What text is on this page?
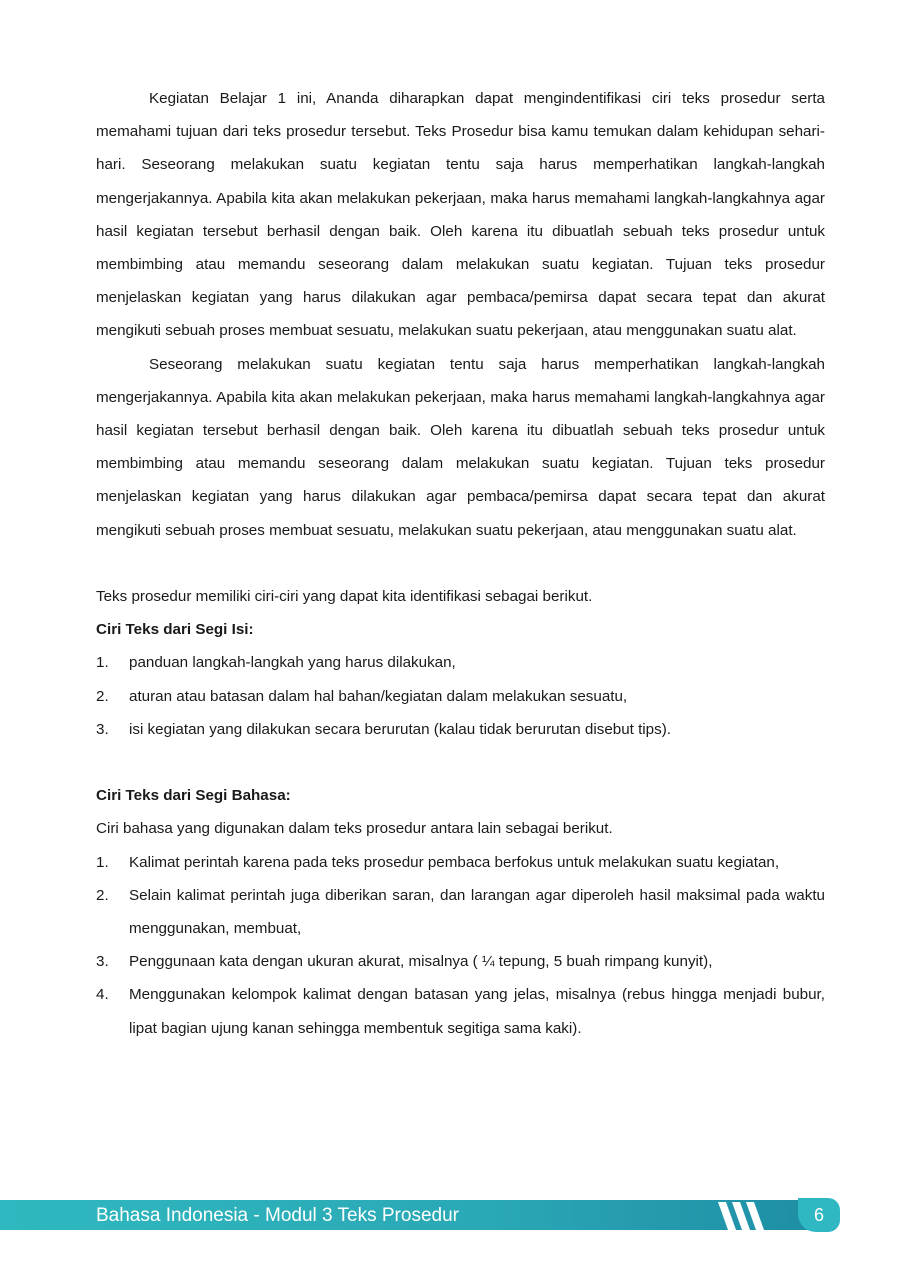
Kegiatan Belajar 1 ini, Ananda diharapkan dapat mengindentifikasi ciri teks prosedur serta memahami tujuan dari teks prosedur tersebut. Teks Prosedur bisa kamu temukan dalam kehidupan sehari-hari. Seseorang melakukan suatu kegiatan tentu saja harus memperhatikan langkah-langkah mengerjakannya. Apabila kita akan melakukan pekerjaan, maka harus memahami langkah-langkahnya agar hasil kegiatan tersebut berhasil dengan baik. Oleh karena itu dibuatlah sebuah teks prosedur untuk membimbing atau memandu seseorang dalam melakukan suatu kegiatan. Tujuan teks prosedur menjelaskan kegiatan yang harus dilakukan agar pembaca/pemirsa dapat secara tepat dan akurat mengikuti sebuah proses membuat sesuatu, melakukan suatu pekerjaan, atau menggunakan suatu alat.

Seseorang melakukan suatu kegiatan tentu saja harus memperhatikan langkah-langkah mengerjakannya. Apabila kita akan melakukan pekerjaan, maka harus memahami langkah-langkahnya agar hasil kegiatan tersebut berhasil dengan baik. Oleh karena itu dibuatlah sebuah teks prosedur untuk membimbing atau memandu seseorang dalam melakukan suatu kegiatan. Tujuan teks prosedur menjelaskan kegiatan yang harus dilakukan agar pembaca/pemirsa dapat secara tepat dan akurat mengikuti sebuah proses membuat sesuatu, melakukan suatu pekerjaan, atau menggunakan suatu alat.

Teks prosedur memiliki ciri-ciri yang dapat kita identifikasi sebagai berikut.

Ciri Teks dari Segi Isi:

1. panduan langkah-langkah yang harus dilakukan,
2. aturan atau batasan dalam hal bahan/kegiatan dalam melakukan sesuatu,
3. isi kegiatan yang dilakukan secara berurutan (kalau tidak berurutan disebut tips).

Ciri Teks dari Segi Bahasa:

Ciri bahasa yang digunakan dalam teks prosedur antara lain sebagai berikut.

1. Kalimat perintah karena pada teks prosedur pembaca berfokus untuk melakukan suatu kegiatan,
2. Selain kalimat perintah juga diberikan saran, dan larangan agar diperoleh hasil maksimal pada waktu menggunakan, membuat,
3. Penggunaan kata dengan ukuran akurat, misalnya ( ¼ tepung, 5 buah rimpang kunyit),
4. Menggunakan kelompok kalimat dengan batasan yang jelas, misalnya (rebus hingga menjadi bubur, lipat bagian ujung kanan sehingga membentuk segitiga sama kaki).
Bahasa Indonesia - Modul 3 Teks Prosedur	6
